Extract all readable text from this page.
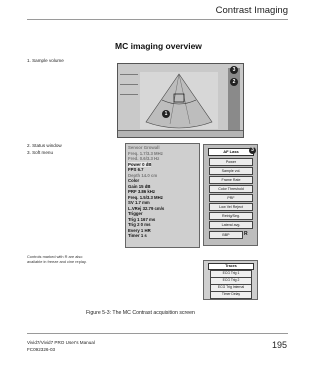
Contrast Imaging
MC imaging overview
1. Sample volume
3
2
1
2. Status window
3. Soft menu
Sensor Growall
Freq. 1.7/3.3 MHz
Fred. 0.6/3.3 Hz
Power 0 dB
FPS 6.7
Depth 14.0 cm
Color
Gain 15 dB
PRF 3.86 kHz
Freq. 1.5/3.3 MHz
SV 1.7 mm
L.VRej 32.79 cm/s
Trigger
Trig 1 167 ms
Trig 2 0 ms
Every 1 HR
Timer 1 s
AF Lass	3
Power
Sample vol.
Frame Rate
Color Threshold
PRF
Low Vel Reject
Retrig/Seg.
Lateral avg.
BBP	R
Controls marked with R are also available in freeze and cine replay.
Traces
ECG Trig 1
ECG Trig 2
ECG Trig Internal
Timer Delay
Figure 5-3: The MC Contrast acquisition screen
Vivid7/Vivid7 PRO User's Manual
FC092326-03	195
